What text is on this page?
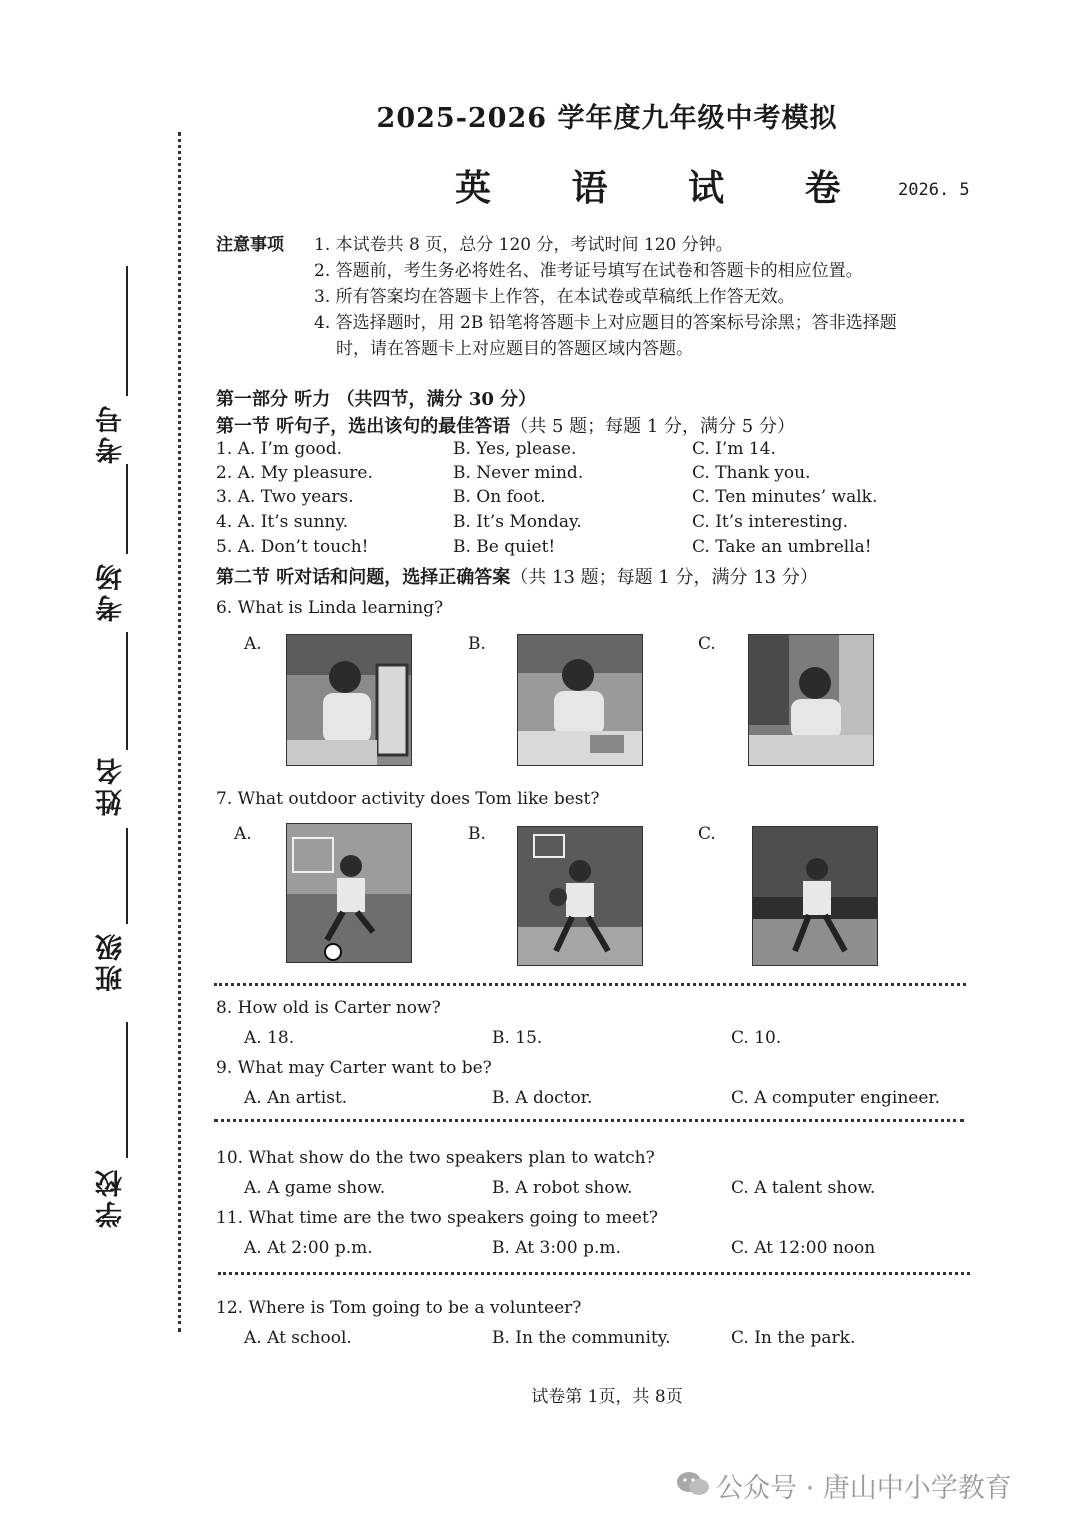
学校
班级
姓名
考场
考号
2025-2026 学年度九年级中考模拟
英 语 试 卷 2026. 5
注意事项 1. 本试卷共 8 页，总分 120 分，考试时间 120 分钟。
2. 答题前，考生务必将姓名、准考证号填写在试卷和答题卡的相应位置。
3. 所有答案均在答题卡上作答，在本试卷或草稿纸上作答无效。
4. 答选择题时，用 2B 铅笔将答题卡上对应题目的答案标号涂黑；答非选择题
时，请在答题卡上对应题目的答题区域内答题。
第一部分 听力 （共四节，满分 30 分）
第一节 听句子，选出该句的最佳答语（共 5 题；每题 1 分，满分 5 分）
1. A. I’m good.	B. Yes, please.	C. I’m 14.
2. A. My pleasure.	B. Never mind.	C. Thank you.
3. A. Two years.	B. On foot.	C. Ten minutes’ walk.
4. A. It’s sunny.	B. It’s Monday.	C. It’s interesting.
5. A. Don’t touch!	B. Be quiet!	C. Take an umbrella!
第二节 听对话和问题，选择正确答案（共 13 题；每题 1 分，满分 13 分）
6. What is Linda learning?
A.	B.	C.
7. What outdoor activity does Tom like best?
A.	B.	C.
8. How old is Carter now?
A. 18.	B. 15.	C. 10.
9. What may Carter want to be?
A. An artist.	B. A doctor.	C. A computer engineer.
10. What show do the two speakers plan to watch?
A. A game show.	B. A robot show.	C. A talent show.
11. What time are the two speakers going to meet?
A. At 2:00 p.m.	B. At 3:00 p.m.	C. At 12:00 noon
12. Where is Tom going to be a volunteer?
A. At school.	B. In the community.	C. In the park.
试卷第 1页，共 8页
公众号 · 唐山中小学教育
